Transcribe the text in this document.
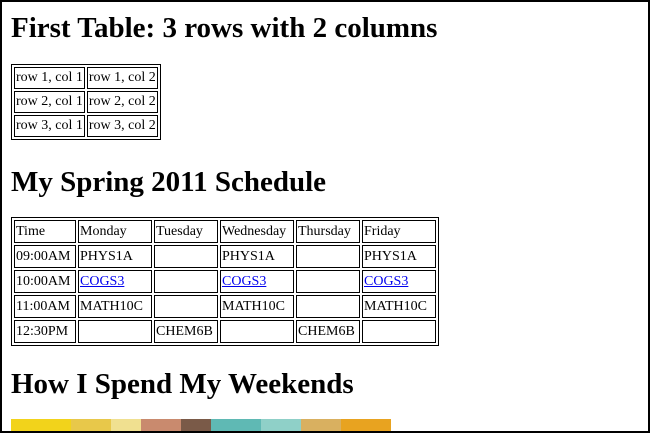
First Table: 3 rows with 2 columns
row 1, col 1	row 1, col 2
row 2, col 1	row 2, col 2
row 3, col 1	row 3, col 2
My Spring 2011 Schedule
Time	Monday	Tuesday	Wednesday	Thursday	Friday
09:00AM	PHYS1A		PHYS1A		PHYS1A
10:00AM	COGS3		COGS3		COGS3
11:00AM	MATH10C		MATH10C		MATH10C
12:30PM		CHEM6B		CHEM6B	
How I Spend My Weekends
